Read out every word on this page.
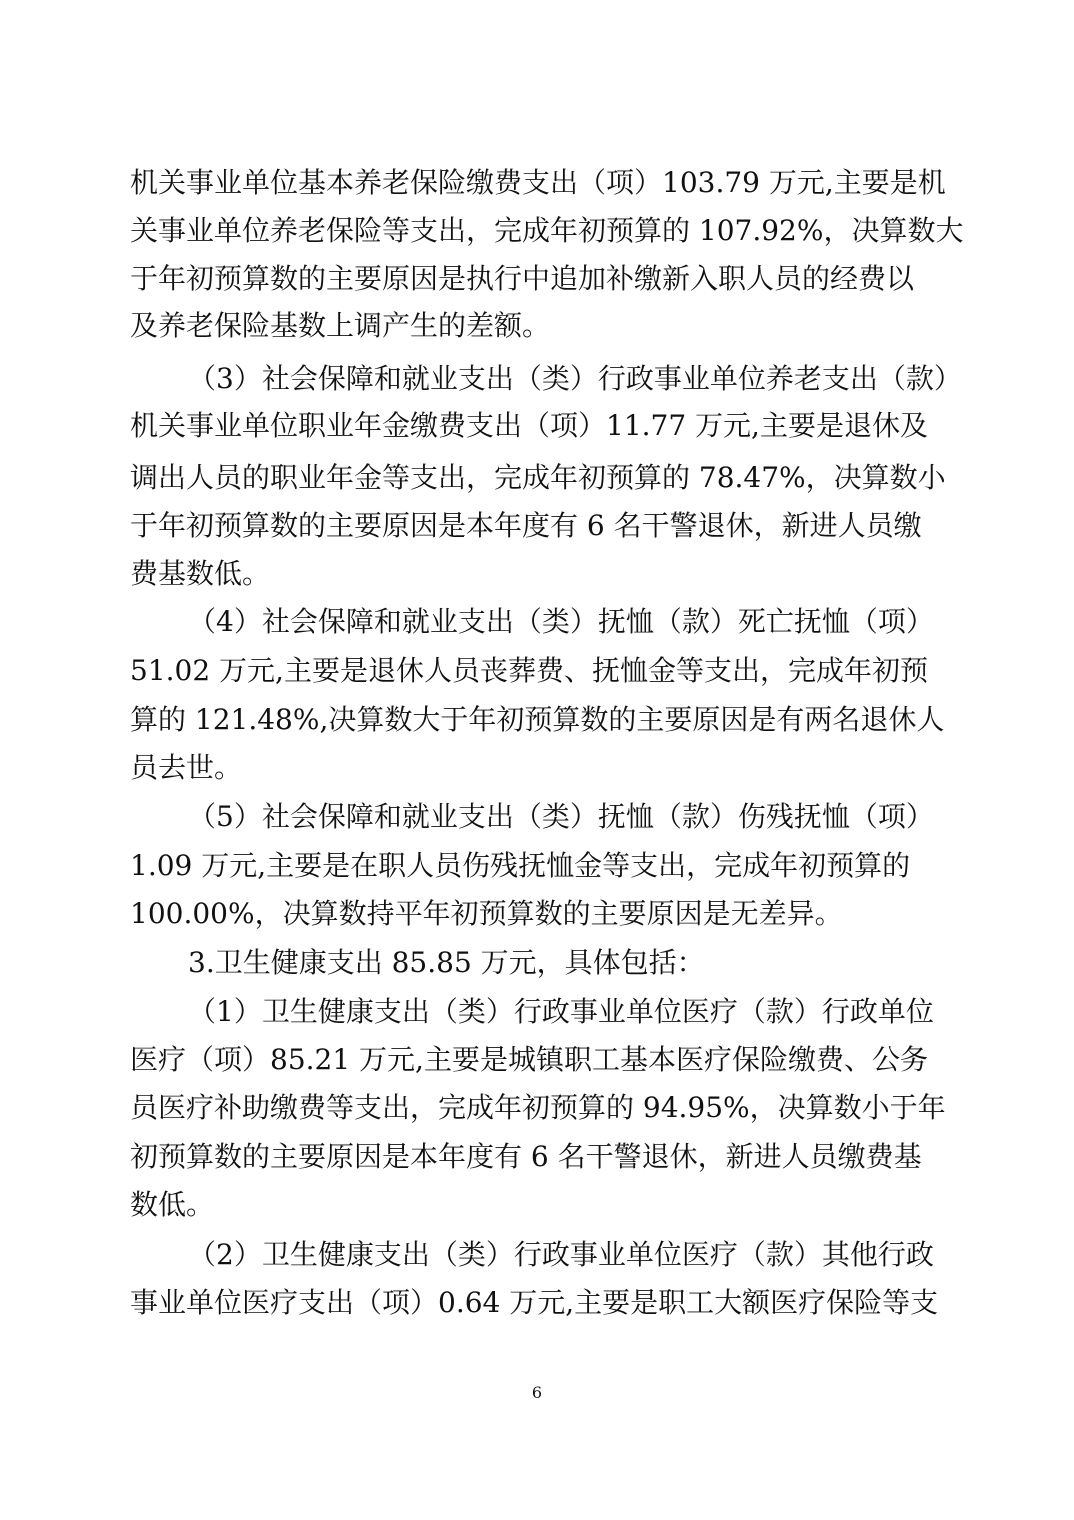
机关事业单位基本养老保险缴费支出（项）103.79 万元,主要是机
关事业单位养老保险等支出，完成年初预算的 107.92%，决算数大
于年初预算数的主要原因是执行中追加补缴新入职人员的经费以
及养老保险基数上调产生的差额。
（3）社会保障和就业支出（类）行政事业单位养老支出（款）
机关事业单位职业年金缴费支出（项）11.77 万元,主要是退休及
调出人员的职业年金等支出，完成年初预算的 78.47%，决算数小
于年初预算数的主要原因是本年度有 6 名干警退休，新进人员缴
费基数低。
（4）社会保障和就业支出（类）抚恤（款）死亡抚恤（项）
51.02 万元,主要是退休人员丧葬费、抚恤金等支出，完成年初预
算的 121.48%,决算数大于年初预算数的主要原因是有两名退休人
员去世。
（5）社会保障和就业支出（类）抚恤（款）伤残抚恤（项）
1.09 万元,主要是在职人员伤残抚恤金等支出，完成年初预算的
100.00%，决算数持平年初预算数的主要原因是无差异。
3.卫生健康支出 85.85 万元，具体包括：
（1）卫生健康支出（类）行政事业单位医疗（款）行政单位
医疗（项）85.21 万元,主要是城镇职工基本医疗保险缴费、公务
员医疗补助缴费等支出，完成年初预算的 94.95%，决算数小于年
初预算数的主要原因是本年度有 6 名干警退休，新进人员缴费基
数低。
（2）卫生健康支出（类）行政事业单位医疗（款）其他行政
事业单位医疗支出（项）0.64 万元,主要是职工大额医疗保险等支
6
